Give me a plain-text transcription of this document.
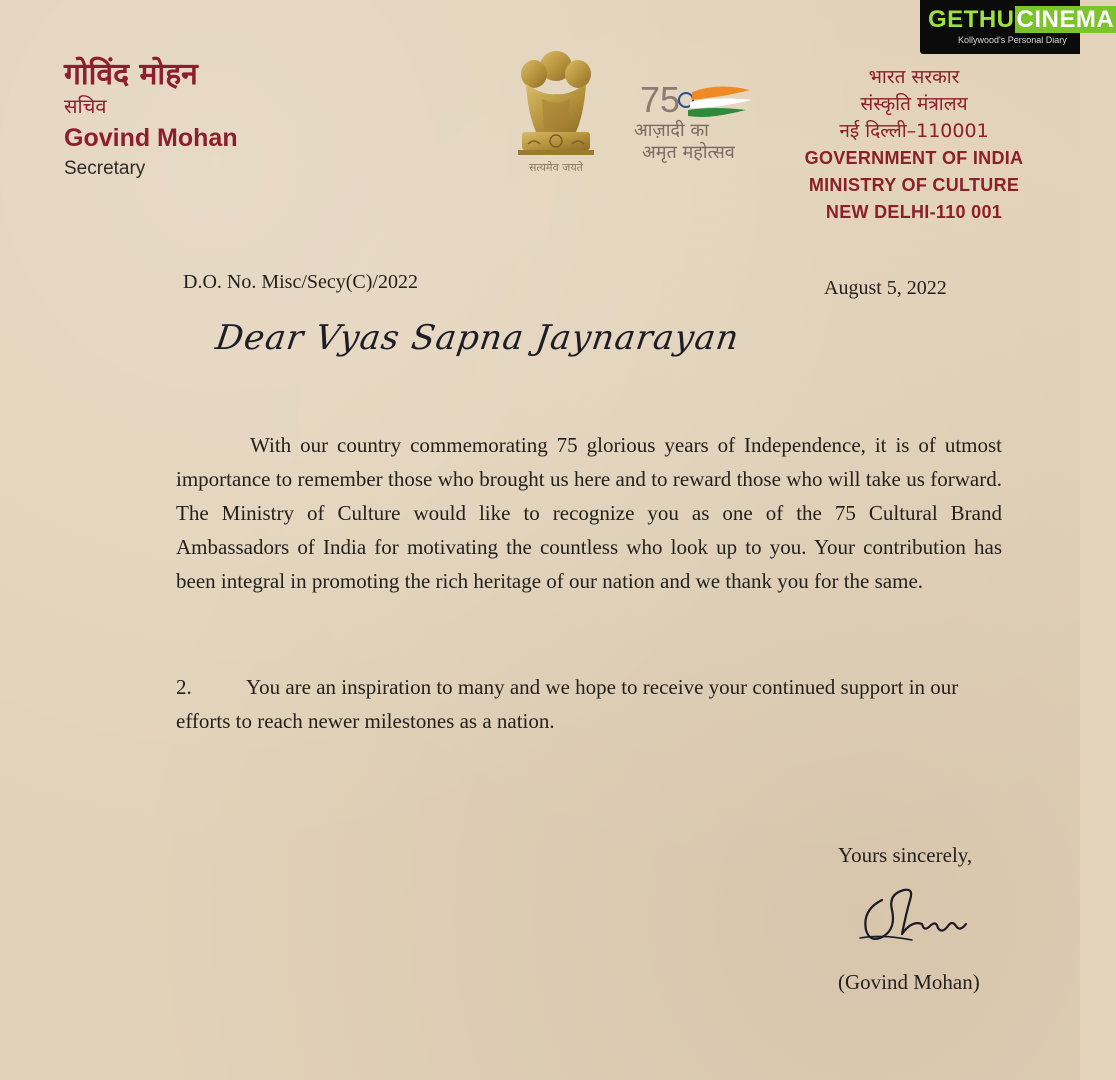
गोविंद मोहन
सचिव
Govind Mohan
Secretary	सत्यमेव जयते
75
आज़ादी का
अमृत महोत्सव
भारत सरकार
संस्कृति मंत्रालय
नई दिल्ली–110001
GOVERNMENT OF INDIA
MINISTRY OF CULTURE
NEW DELHI-110 001
GETHUCINEMA
Kollywood's Personal Diary
D.O. No. Misc/Secy(C)/2022	August 5, 2022
Dear Vyas Sapna Jaynarayan
With our country commemorating 75 glorious years of Independence, it is of utmost importance to remember those who brought us here and to reward those who will take us forward. The Ministry of Culture would like to recognize you as one of the 75 Cultural Brand Ambassadors of India for motivating the countless who look up to you. Your contribution has been integral in promoting the rich heritage of our nation and we thank you for the same.
2.	You are an inspiration to many and we hope to receive your continued support in our efforts to reach newer milestones as a nation.
Yours sincerely,
(Govind Mohan)
